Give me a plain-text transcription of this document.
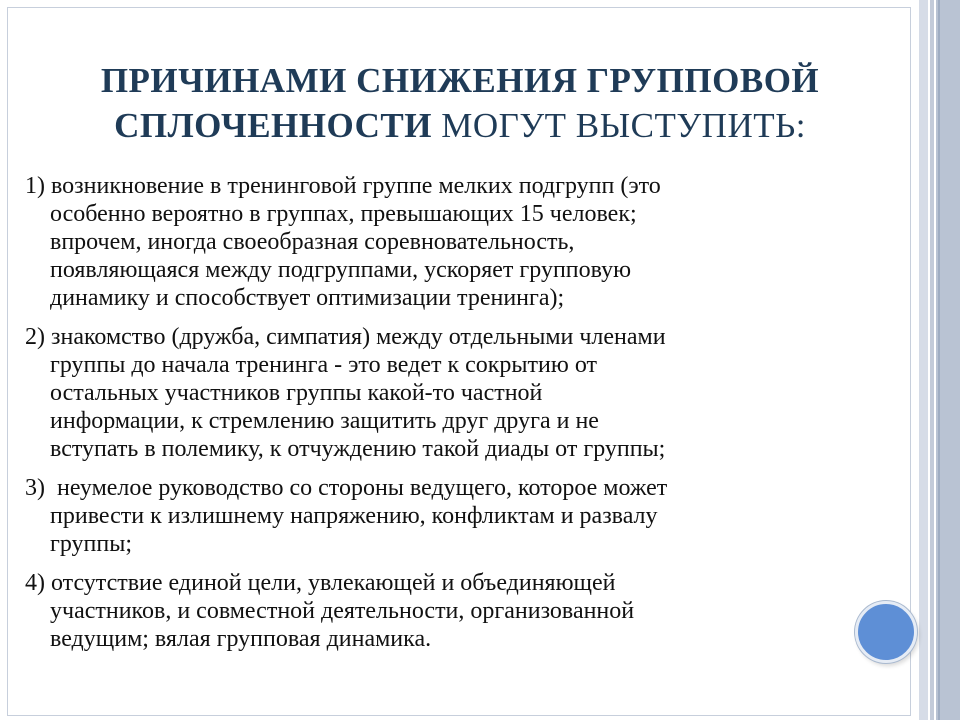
ПРИЧИНАМИ СНИЖЕНИЯ ГРУППОВОЙ
СПЛОЧЕННОСТИ МОГУТ ВЫСТУПИТЬ:
1) возникновение в тренинговой группе мелких подгрупп (это
особенно вероятно в группах, превышающих 15 человек;
впрочем, иногда своеобразная соревновательность,
появляющаяся между подгруппами, ускоряет групповую
динамику и способствует оптимизации тренинга);
2) знакомство (дружба, симпатия) между отдельными членами
группы до начала тренинга - это ведет к сокрытию от
остальных участников группы какой-то частной
информации, к стремлению защитить друг друга и не
вступать в полемику, к отчуждению такой диады от группы;
3)  неумелое руководство со стороны ведущего, которое может
привести к излишнему напряжению, конфликтам и развалу
группы;
4) отсутствие единой цели, увлекающей и объединяющей
участников, и совместной деятельности, организованной
ведущим; вялая групповая динамика.
